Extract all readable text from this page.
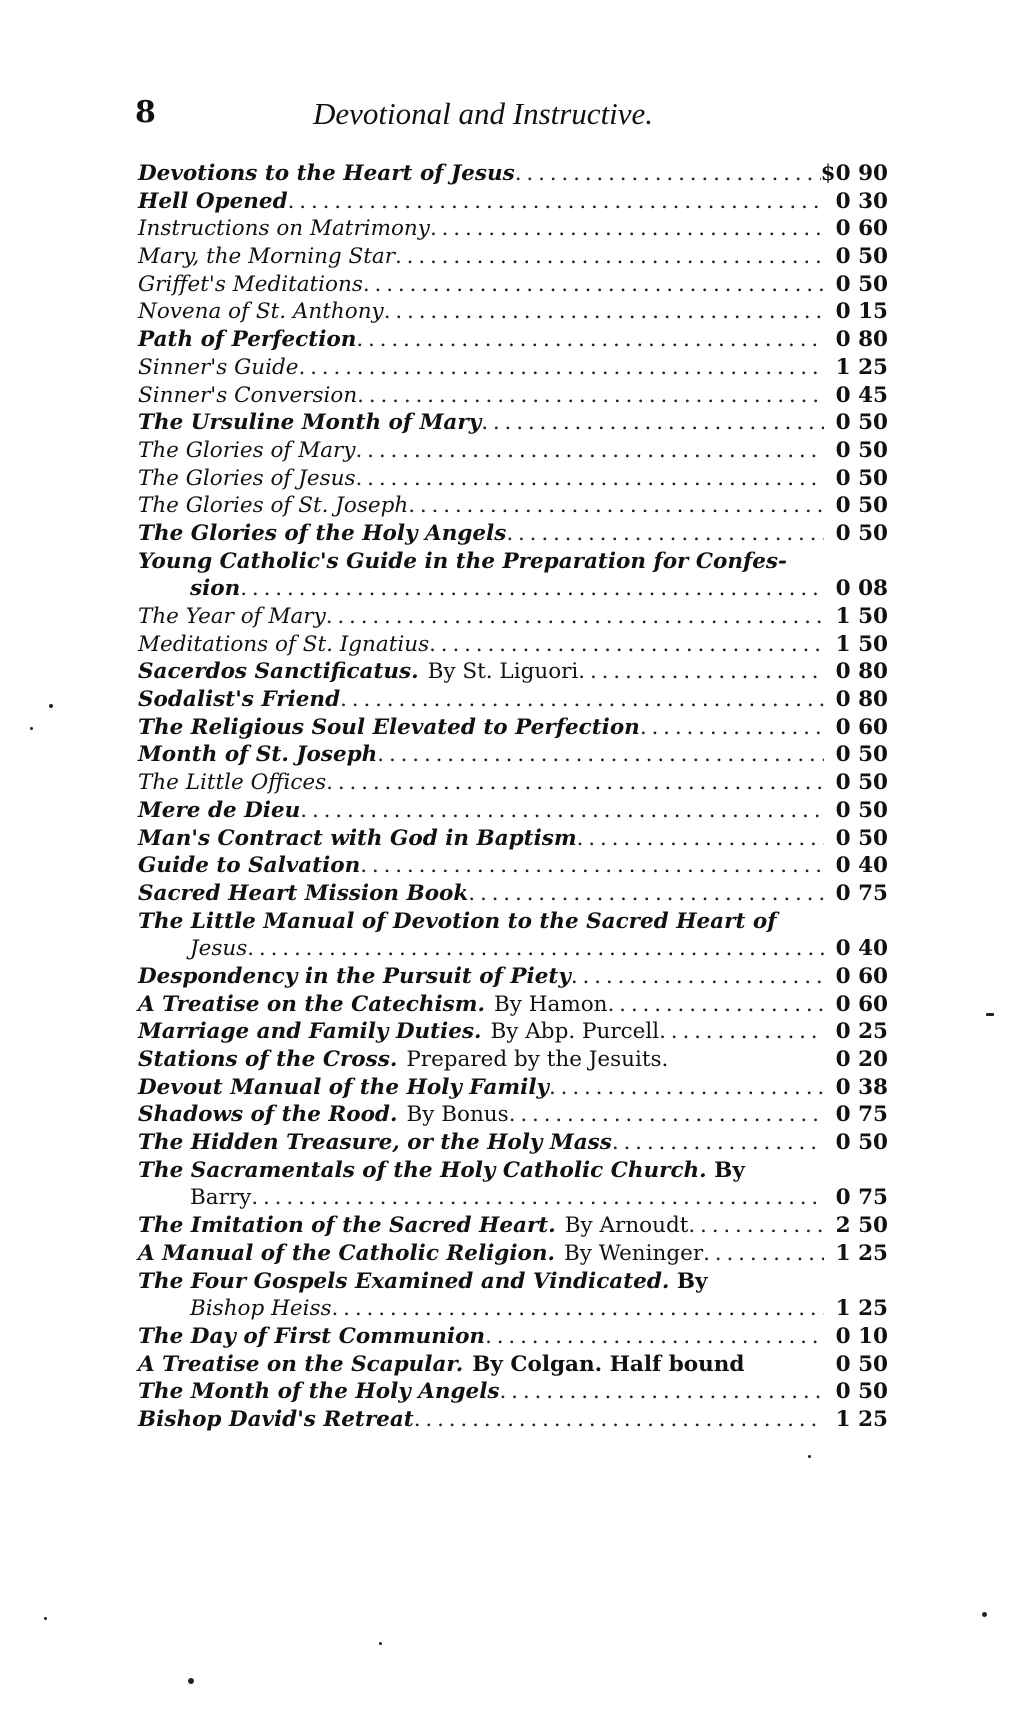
8	Devotional and Instructive.
Devotions to the Heart of Jesus . . .	$0 90
Hell Opened . . .	0 30
Instructions on Matrimony . . .	0 60
Mary, the Morning Star . . .	0 50
Griffet's Meditations . . .	0 50
Novena of St. Anthony . . .	0 15
Path of Perfection . . .	0 80
Sinner's Guide . . .	1 25
Sinner's Conversion . . .	0 45
The Ursuline Month of Mary . . .	0 50
The Glories of Mary . . .	0 50
The Glories of Jesus . . .	0 50
The Glories of St. Joseph . . .	0 50
The Glories of the Holy Angels . . .	0 50
Young Catholic's Guide in the Preparation for Confes-
sion . . .	0 08
The Year of Mary . . .	1 50
Meditations of St. Ignatius . . .	1 50
Sacerdos Sanctificatus. By St. Liguori . . .	0 80
Sodalist's Friend . . .	0 80
The Religious Soul Elevated to Perfection . . .	0 60
Month of St. Joseph . . .	0 50
The Little Offices . . .	0 50
Mere de Dieu . . .	0 50
Man's Contract with God in Baptism . . .	0 50
Guide to Salvation . . .	0 40
Sacred Heart Mission Book . . .	0 75
The Little Manual of Devotion to the Sacred Heart of
Jesus . . .	0 40
Despondency in the Pursuit of Piety . . .	0 60
A Treatise on the Catechism. By Hamon . . .	0 60
Marriage and Family Duties. By Abp. Purcell . . .	0 25
Stations of the Cross. Prepared by the Jesuits.	0 20
Devout Manual of the Holy Family . . .	0 38
Shadows of the Rood. By Bonus . . .	0 75
The Hidden Treasure, or the Holy Mass . . .	0 50
The Sacramentals of the Holy Catholic Church. By
Barry . . .	0 75
The Imitation of the Sacred Heart. By Arnoudt . . .	2 50
A Manual of the Catholic Religion. By Weninger . . .	1 25
The Four Gospels Examined and Vindicated. By
Bishop Heiss . . .	1 25
The Day of First Communion . . .	0 10
A Treatise on the Scapular. By Colgan. Half bound	0 50
The Month of the Holy Angels . . .	0 50
Bishop David's Retreat . . .	1 25
